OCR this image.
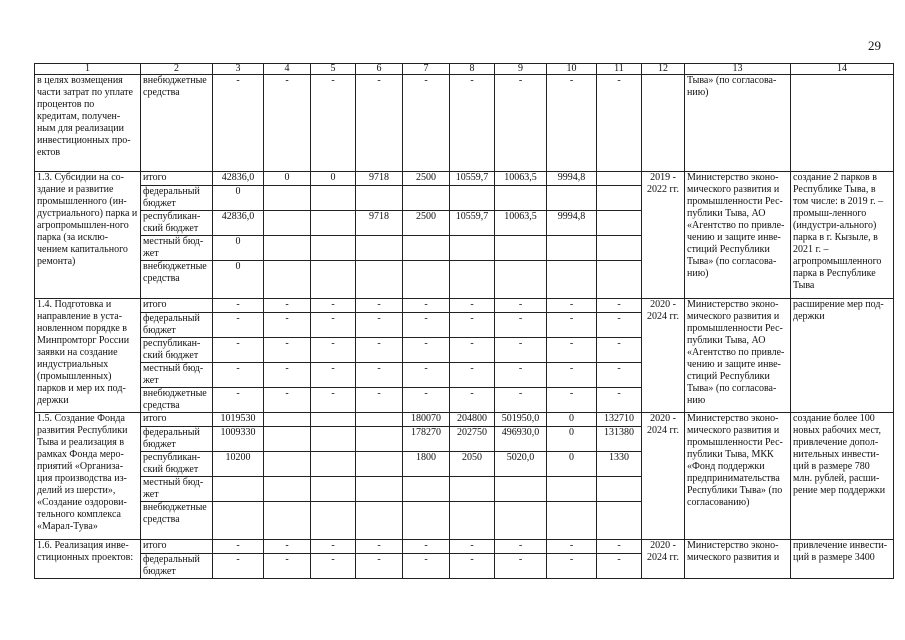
29
1	2	3	4	5	6	7	8	9	10	11	12	13	14
в целях возмещения части затрат по уплате процентов по кредитам, получен-ным для реализации инвестиционных про-ектов	внебюджетные средства	-	-	-	-	-	-	-	-	-		Тыва» (по согласова-нию)	
1.3. Субсидии на со-здание и развитие промышленного (ин-дустриального) парка и агропромышлен-ного парка (за исклю-чением капитального ремонта)	итого	42836,0	0	0	9718	2500	10559,7	10063,5	9994,8		2019 - 2022 гг.	Министерство эконо-мического развития и промышленности Рес-публики Тыва, АО «Агентство по привле-чению и защите инве-стиций Республики Тыва» (по согласова-нию)	создание 2 парков в Республике Тыва, в том числе: в 2019 г. – промыш-ленного (индустри-ального) парка в г. Кызыле, в 2021 г. – агропромышленного парка в Республике Тыва
	федеральный бюджет	0											
	республикан-ский бюджет	42836,0			9718	2500	10559,7	10063,5	9994,8				
	местный бюд-жет	0											
	внебюджетные средства	0											
1.4. Подготовка и направление в уста-новленном порядке в Минпромторг России заявки на создание индустриальных (промышленных) парков и мер их под-держки	итого	-	-	-	-	-	-	-	-	-	2020 - 2024 гг.	Министерство эконо-мического развития и промышленности Рес-публики Тыва, АО «Агентство по привле-чению и защите инве-стиций Республики Тыва» (по согласова-нию	расширение мер под-держки
	федеральный бюджет	-	-	-	-	-	-	-	-	-			
	республикан-ский бюджет	-	-	-	-	-	-	-	-	-			
	местный бюд-жет	-	-	-	-	-	-	-	-	-			
	внебюджетные средства	-	-	-	-	-	-	-	-	-			
1.5. Создание Фонда развития Республики Тыва и реализация в рамках Фонда меро-приятий «Организа-ция производства из-делий из шерсти», «Создание оздорови-тельного комплекса «Марал-Тува»	итого	1019530				180070	204800	501950,0	0	132710	2020 - 2024 гг.	Министерство эконо-мического развития и промышленности Рес-публики Тыва, МКК «Фонд поддержки предпринимательства Республики Тыва» (по согласованию)	создание более 100 новых рабочих мест, привлечение допол-нительных инвести-ций в размере 780 млн. рублей, расши-рение мер поддержки
	федеральный бюджет	1009330				178270	202750	496930,0	0	131380			
	республикан-ский бюджет	10200				1800	2050	5020,0	0	1330			
	местный бюд-жет												
	внебюджетные средства												
1.6. Реализация инве-стиционных проектов:	итого	-	-	-	-	-	-	-	-	-	2020 - 2024 гг.	Министерство эконо-мического развития и	привлечение инвести-ций в размере 3400
	федеральный бюджет	-	-	-	-	-	-	-	-	-			
